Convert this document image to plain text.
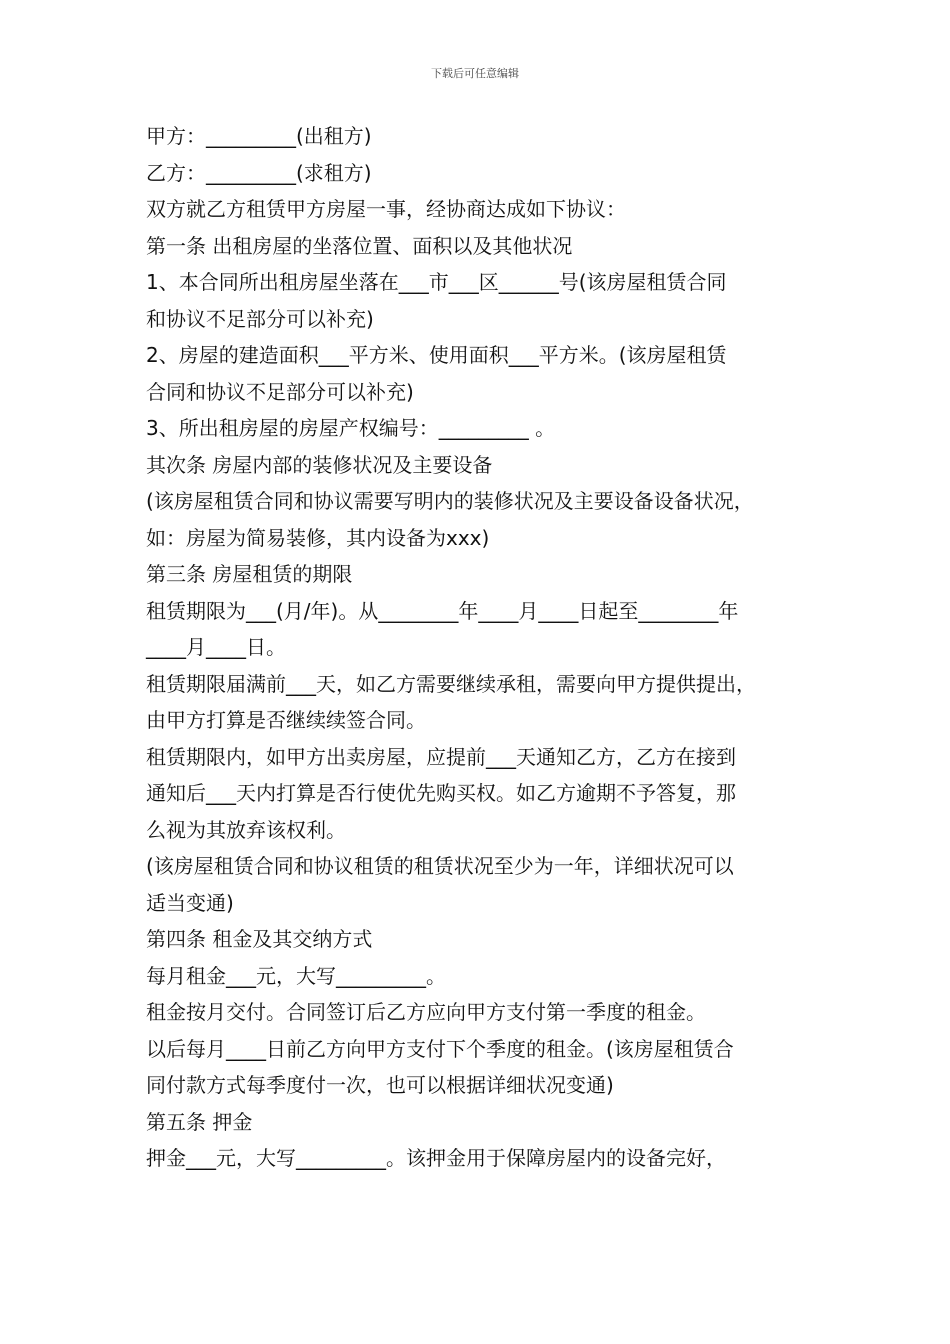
下载后可任意编辑
甲方：_________(出租方)
乙方：_________(求租方)
双方就乙方租赁甲方房屋一事，经协商达成如下协议：
第一条 出租房屋的坐落位置、面积以及其他状况
1、本合同所出租房屋坐落在___市___区______号(该房屋租赁合同
和协议不足部分可以补充)
2、房屋的建造面积___平方米、使用面积___平方米。(该房屋租赁
合同和协议不足部分可以补充)
3、所出租房屋的房屋产权编号：_________ 。
其次条 房屋内部的装修状况及主要设备
(该房屋租赁合同和协议需要写明内的装修状况及主要设备设备状况，
如：房屋为简易装修，其内设备为xxx)
第三条 房屋租赁的期限
租赁期限为___(月/年)。从________年____月____日起至________年
____月____日。
租赁期限届满前___天，如乙方需要继续承租，需要向甲方提供提出，
由甲方打算是否继续续签合同。
租赁期限内，如甲方出卖房屋，应提前___天通知乙方，乙方在接到
通知后___天内打算是否行使优先购买权。如乙方逾期不予答复，那
么视为其放弃该权利。
(该房屋租赁合同和协议租赁的租赁状况至少为一年，详细状况可以
适当变通)
第四条 租金及其交纳方式
每月租金___元，大写_________。
租金按月交付。合同签订后乙方应向甲方支付第一季度的租金。
以后每月____日前乙方向甲方支付下个季度的租金。(该房屋租赁合
同付款方式每季度付一次，也可以根据详细状况变通)
第五条 押金
押金___元，大写_________。该押金用于保障房屋内的设备完好，
